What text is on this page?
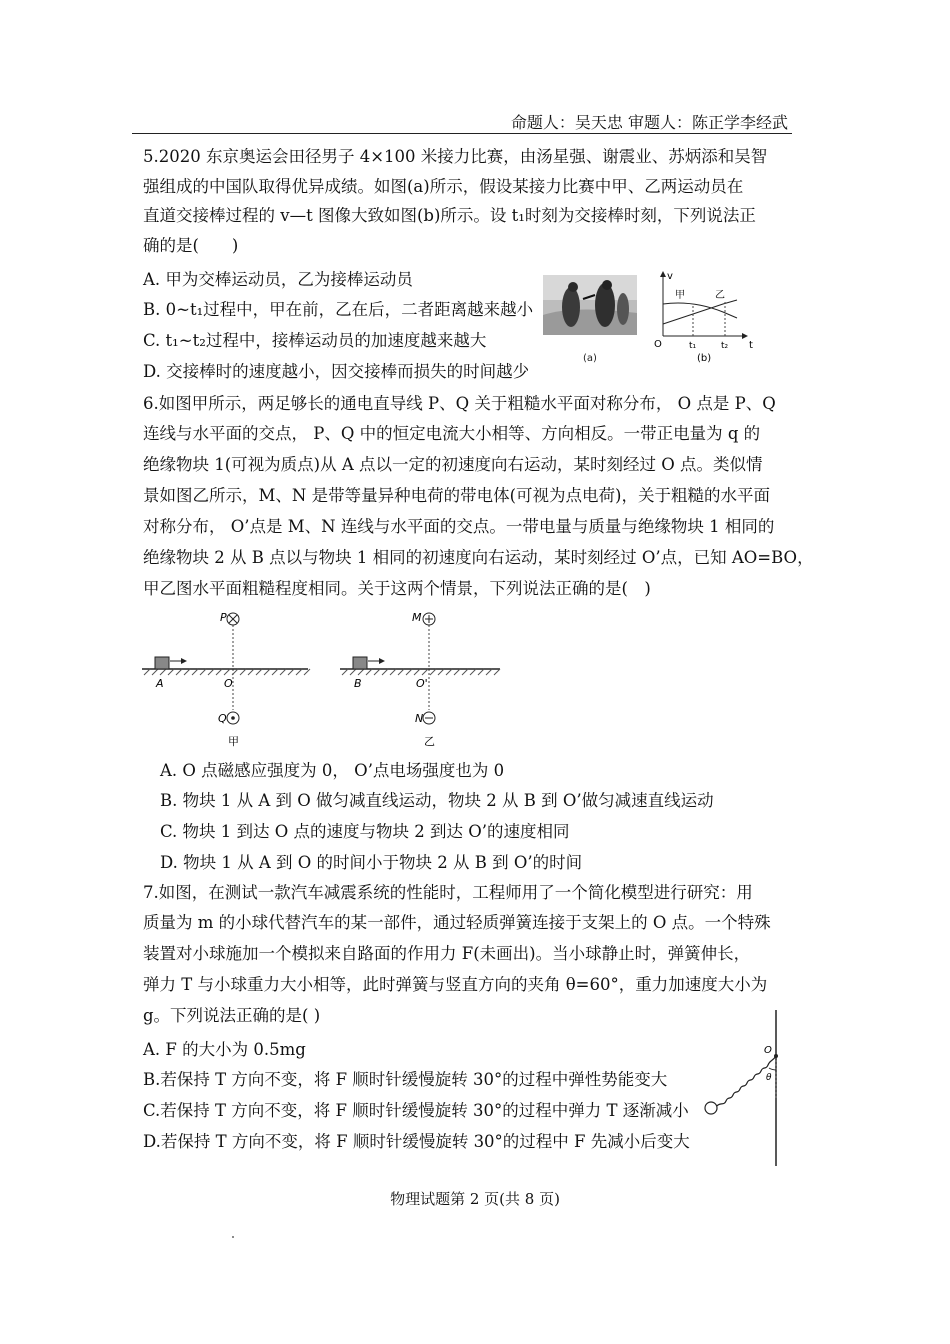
命题人：吴天忠 审题人：陈正学李经武
5.2020 东京奥运会田径男子 4×100 米接力比赛，由汤星强、谢震业、苏炳添和吴智
强组成的中国队取得优异成绩。如图(a)所示，假设某接力比赛中甲、乙两运动员在
直道交接棒过程的 v—t 图像大致如图(b)所示。设 t₁时刻为交接棒时刻，下列说法正
确的是(　　)
A. 甲为交棒运动员，乙为接棒运动员
B. 0~t₁过程中，甲在前，乙在后，二者距离越来越小
C. t₁~t₂过程中，接棒运动员的加速度越来越大
D. 交接棒时的速度越小，因交接棒而损失的时间越少
(a)
v
甲	乙
O	t₁	t₂ t
(b)
6.如图甲所示，两足够长的通电直导线 P、Q 关于粗糙水平面对称分布， O 点是 P、Q
连线与水平面的交点， P、Q 中的恒定电流大小相等、方向相反。一带正电量为 q 的
绝缘物块 1(可视为质点)从 A 点以一定的初速度向右运动，某时刻经过 O 点。类似情
景如图乙所示，M、N 是带等量异种电荷的带电体(可视为点电荷)，关于粗糙的水平面
对称分布， O’点是 M、N 连线与水平面的交点。一带电量与质量与绝缘物块 1 相同的
绝缘物块 2 从 B 点以与物块 1 相同的初速度向右运动，某时刻经过 O’点，已知 AO=BO，
甲乙图水平面粗糙程度相同。关于这两个情景，下列说法正确的是(　)
P
Q
A	O
甲
M
N
B	O'
乙
A. O 点磁感应强度为 0， O’点电场强度也为 0
B. 物块 1 从 A 到 O 做匀减直线运动，物块 2 从 B 到 O’做匀减速直线运动
C. 物块 1 到达 O 点的速度与物块 2 到达 O’的速度相同
D. 物块 1 从 A 到 O 的时间小于物块 2 从 B 到 O’的时间
7.如图，在测试一款汽车减震系统的性能时，工程师用了一个简化模型进行研究：用
质量为 m 的小球代替汽车的某一部件，通过轻质弹簧连接于支架上的 O 点。一个特殊
装置对小球施加一个模拟来自路面的作用力 F(未画出)。当小球静止时，弹簧伸长，
弹力 T 与小球重力大小相等，此时弹簧与竖直方向的夹角 θ=60°，重力加速度大小为
g。下列说法正确的是( )
A. F 的大小为 0.5mg
B.若保持 T 方向不变，将 F 顺时针缓慢旋转 30°的过程中弹性势能变大
C.若保持 T 方向不变，将 F 顺时针缓慢旋转 30°的过程中弹力 T 逐渐减小
D.若保持 T 方向不变，将 F 顺时针缓慢旋转 30°的过程中 F 先减小后变大
O
θ
物理试题第 2 页(共 8 页)
